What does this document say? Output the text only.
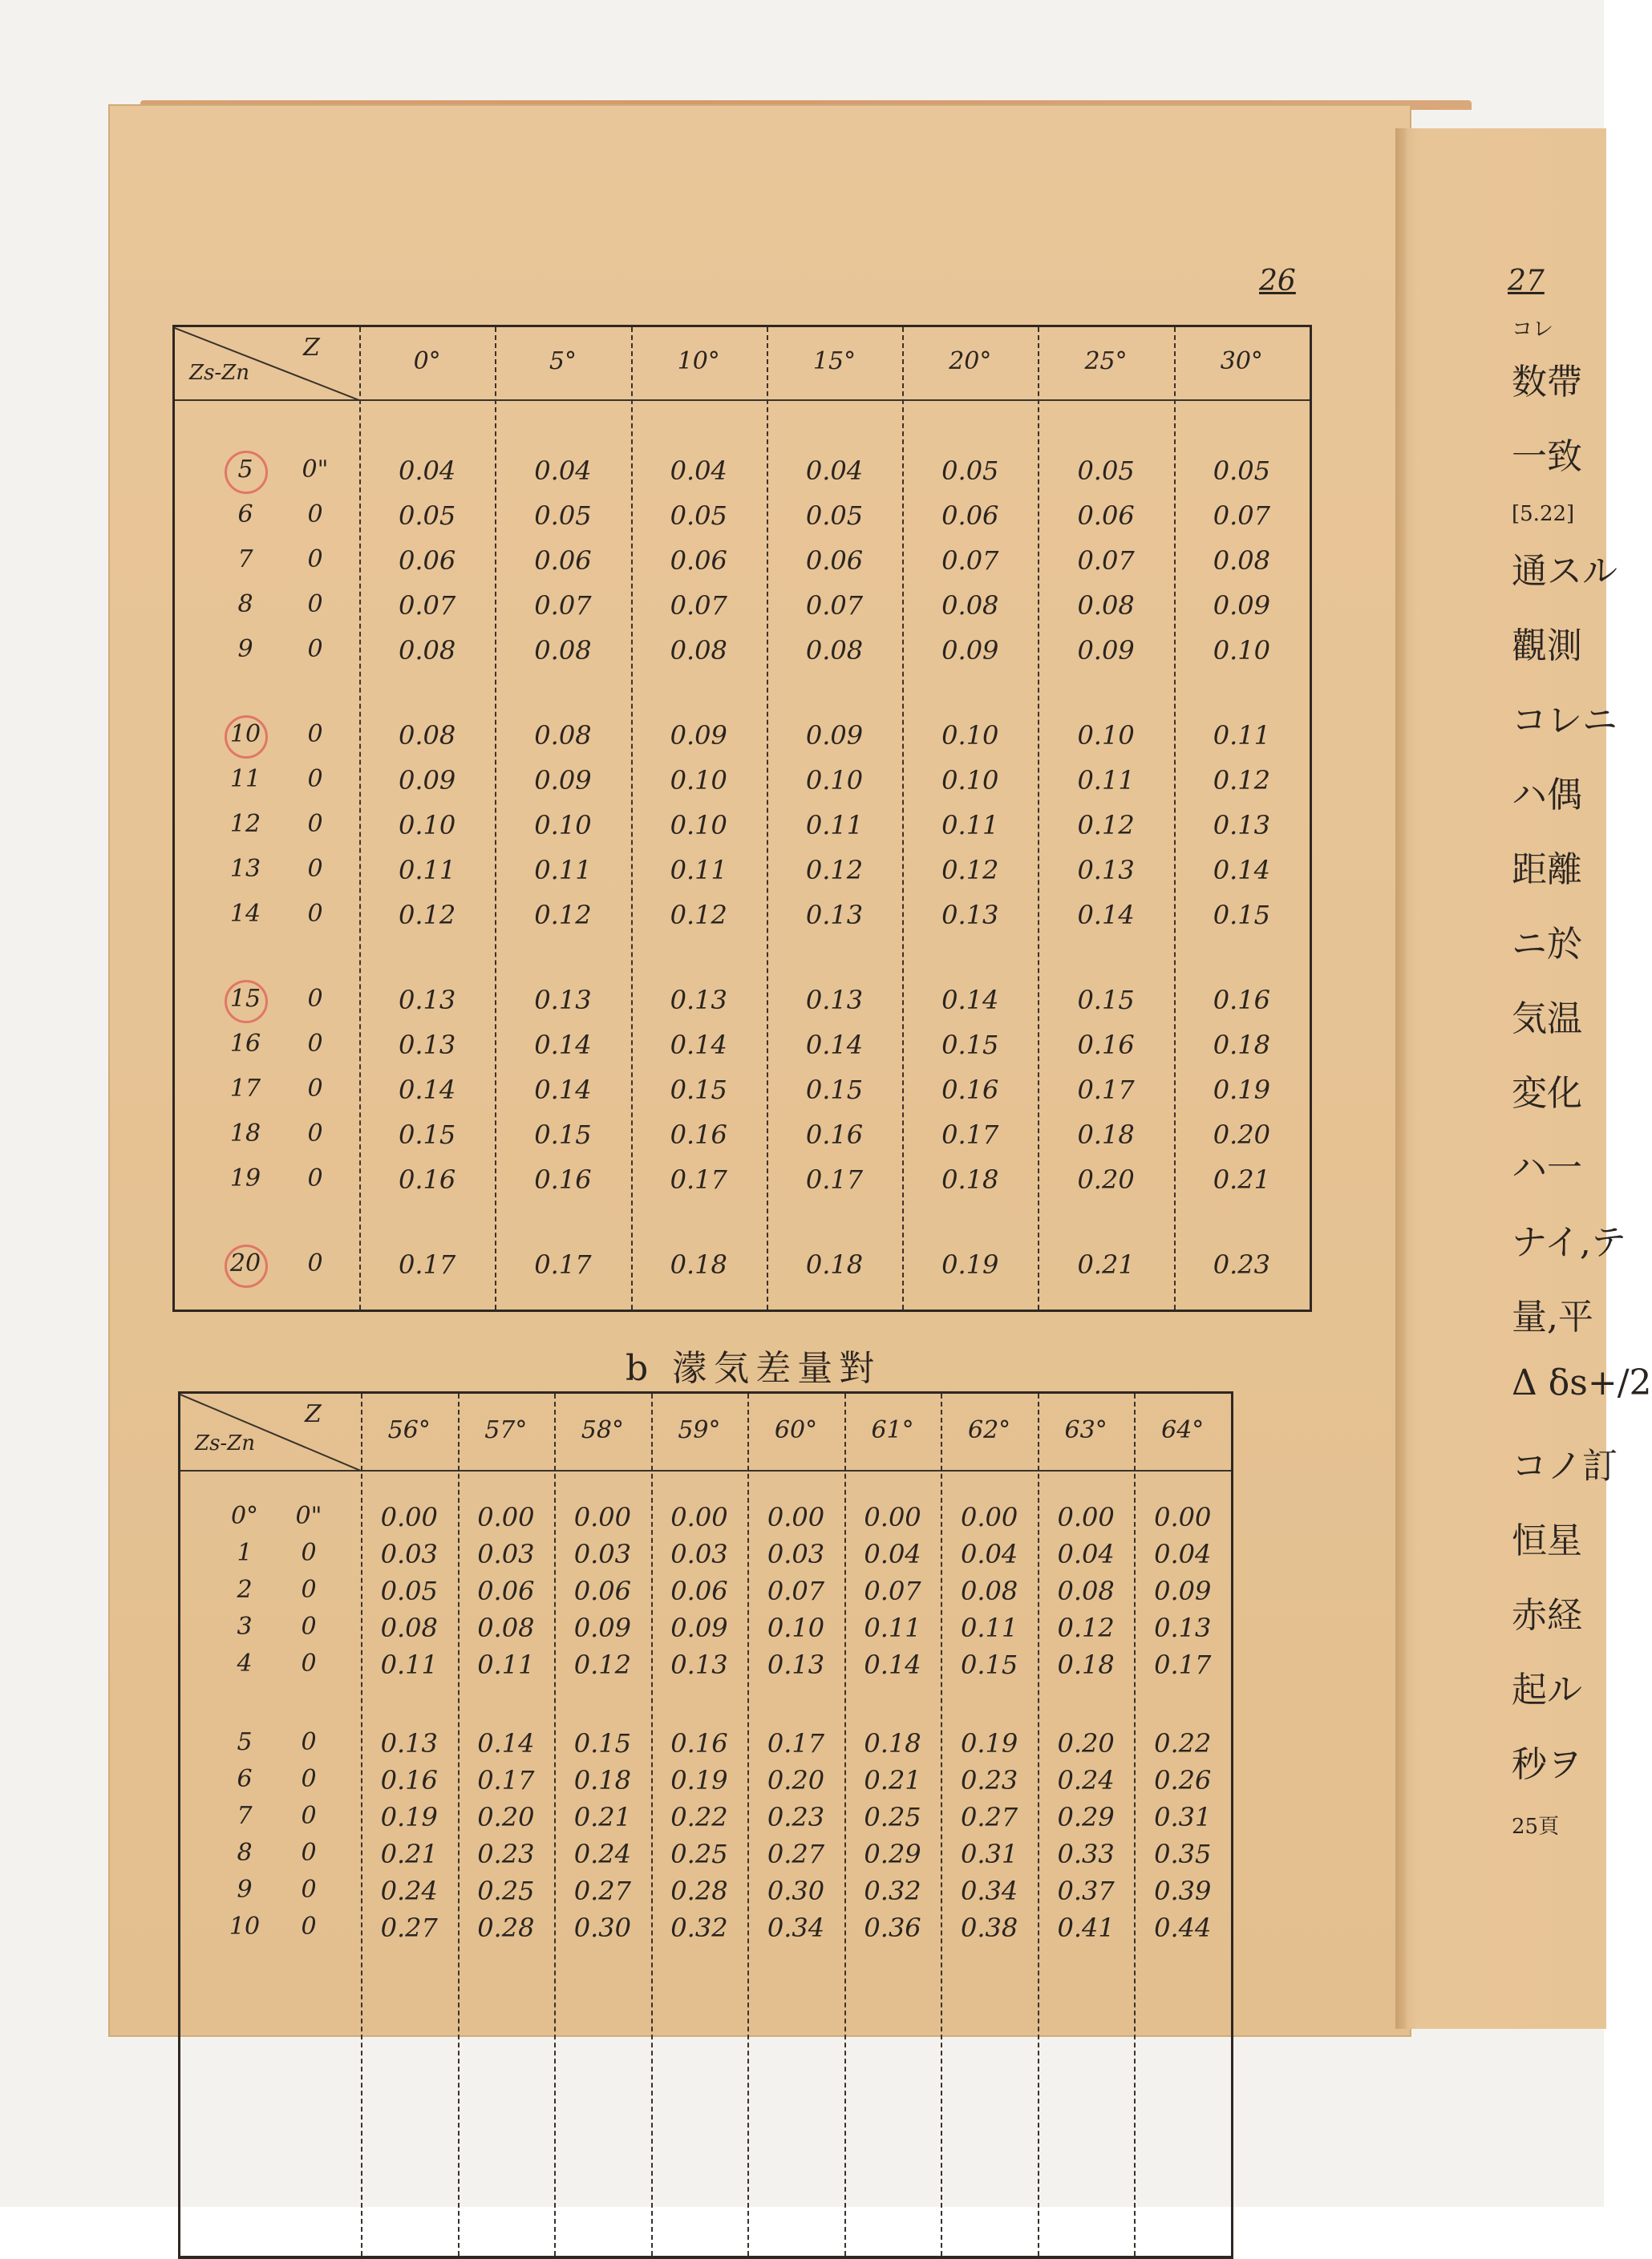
26	27
Z
Zs-Zn	0°	5°	10°	15°	20°	25°	30°
5	0"	0.04	0.04	0.04	0.04	0.05	0.05	0.05
6	0	0.05	0.05	0.05	0.05	0.06	0.06	0.07
7	0	0.06	0.06	0.06	0.06	0.07	0.07	0.08
8	0	0.07	0.07	0.07	0.07	0.08	0.08	0.09
9	0	0.08	0.08	0.08	0.08	0.09	0.09	0.10
10	0	0.08	0.08	0.09	0.09	0.10	0.10	0.11
11	0	0.09	0.09	0.10	0.10	0.10	0.11	0.12
12	0	0.10	0.10	0.10	0.11	0.11	0.12	0.13
13	0	0.11	0.11	0.11	0.12	0.12	0.13	0.14
14	0	0.12	0.12	0.12	0.13	0.13	0.14	0.15
15	0	0.13	0.13	0.13	0.13	0.14	0.15	0.16
16	0	0.13	0.14	0.14	0.14	0.15	0.16	0.18
17	0	0.14	0.14	0.15	0.15	0.16	0.17	0.19
18	0	0.15	0.15	0.16	0.16	0.17	0.18	0.20
19	0	0.16	0.16	0.17	0.17	0.18	0.20	0.21
20	0	0.17	0.17	0.18	0.18	0.19	0.21	0.23
b 濛気差量對
Z
Zs-Zn	56°	57°	58°	59°	60°	61°	62°	63°	64°
0°	0"	0.00	0.00	0.00	0.00	0.00	0.00	0.00	0.00	0.00
1	0	0.03	0.03	0.03	0.03	0.03	0.04	0.04	0.04	0.04
2	0	0.05	0.06	0.06	0.06	0.07	0.07	0.08	0.08	0.09
3	0	0.08	0.08	0.09	0.09	0.10	0.11	0.11	0.12	0.13
4	0	0.11	0.11	0.12	0.13	0.13	0.14	0.15	0.18	0.17
5	0	0.13	0.14	0.15	0.16	0.17	0.18	0.19	0.20	0.22
6	0	0.16	0.17	0.18	0.19	0.20	0.21	0.23	0.24	0.26
7	0	0.19	0.20	0.21	0.22	0.23	0.25	0.27	0.29	0.31
8	0	0.21	0.23	0.24	0.25	0.27	0.29	0.31	0.33	0.35
9	0	0.24	0.25	0.27	0.28	0.30	0.32	0.34	0.37	0.39
10	0	0.27	0.28	0.30	0.32	0.34	0.36	0.38	0.41	0.44
コレ
数帶
一致
[5.22]
通スル
觀測
コレニ
ハ偶
距離
ニ於
気温
変化
ハ一
ナイ,テ
量,平
Δ δs+/2
コノ訂
恒星
赤経
起ル
秒ヲ
25頁
